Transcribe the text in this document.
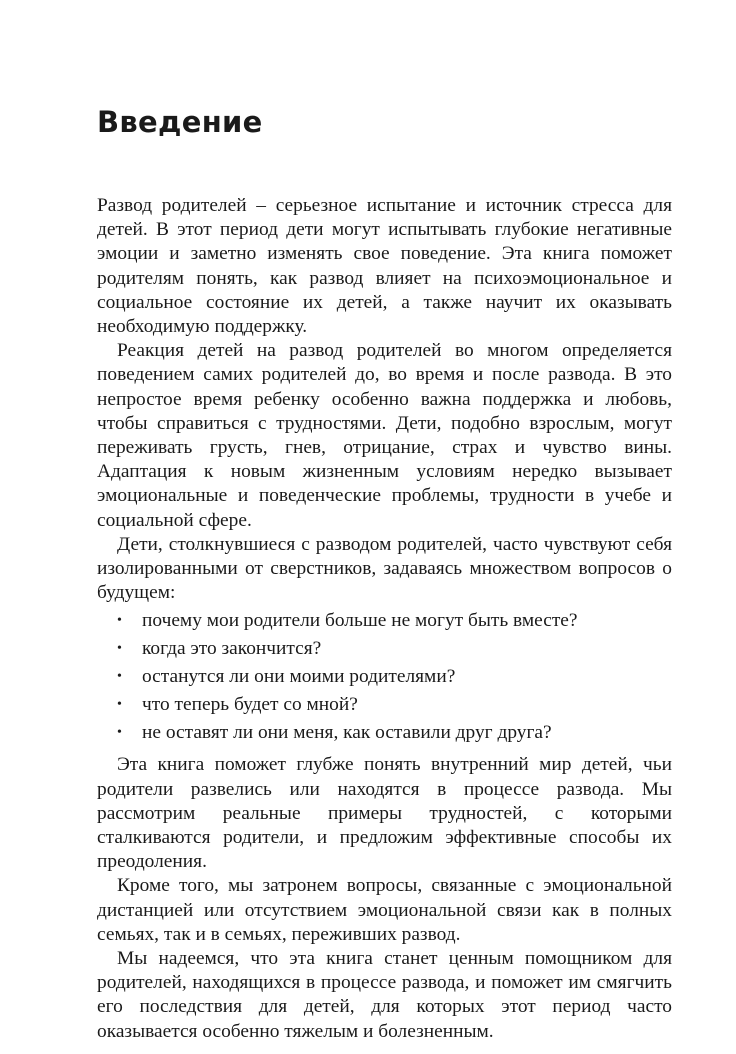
Введение

Развод родителей – серьезное испытание и источник стресса для детей. В этот период дети могут испытывать глубокие негативные эмоции и заметно изменять свое поведение. Эта книга поможет родителям понять, как развод влияет на психоэмоциональное и социальное состояние их детей, а также научит их оказывать необходимую поддержку.

Реакция детей на развод родителей во многом определяется поведением самих родителей до, во время и после развода. В это непростое время ребенку особенно важна поддержка и любовь, чтобы справиться с трудностями. Дети, подобно взрослым, могут переживать грусть, гнев, отрицание, страх и чувство вины. Адаптация к новым жизненным условиям нередко вызывает эмоциональные и поведенческие проблемы, трудности в учебе и социальной сфере.

Дети, столкнувшиеся с разводом родителей, часто чувствуют себя изолированными от сверстников, задаваясь множеством вопросов о будущем:

• почему мои родители больше не могут быть вместе?
• когда это закончится?
• останутся ли они моими родителями?
• что теперь будет со мной?
• не оставят ли они меня, как оставили друг друга?

Эта книга поможет глубже понять внутренний мир детей, чьи родители развелись или находятся в процессе развода. Мы рассмотрим реальные примеры трудностей, с которыми сталкиваются родители, и предложим эффективные способы их преодоления.

Кроме того, мы затронем вопросы, связанные с эмоциональной дистанцией или отсутствием эмоциональной связи как в полных семьях, так и в семьях, переживших развод.

Мы надеемся, что эта книга станет ценным помощником для родителей, находящихся в процессе развода, и поможет им смягчить его последствия для детей, для которых этот период часто оказывается особенно тяжелым и болезненным.
